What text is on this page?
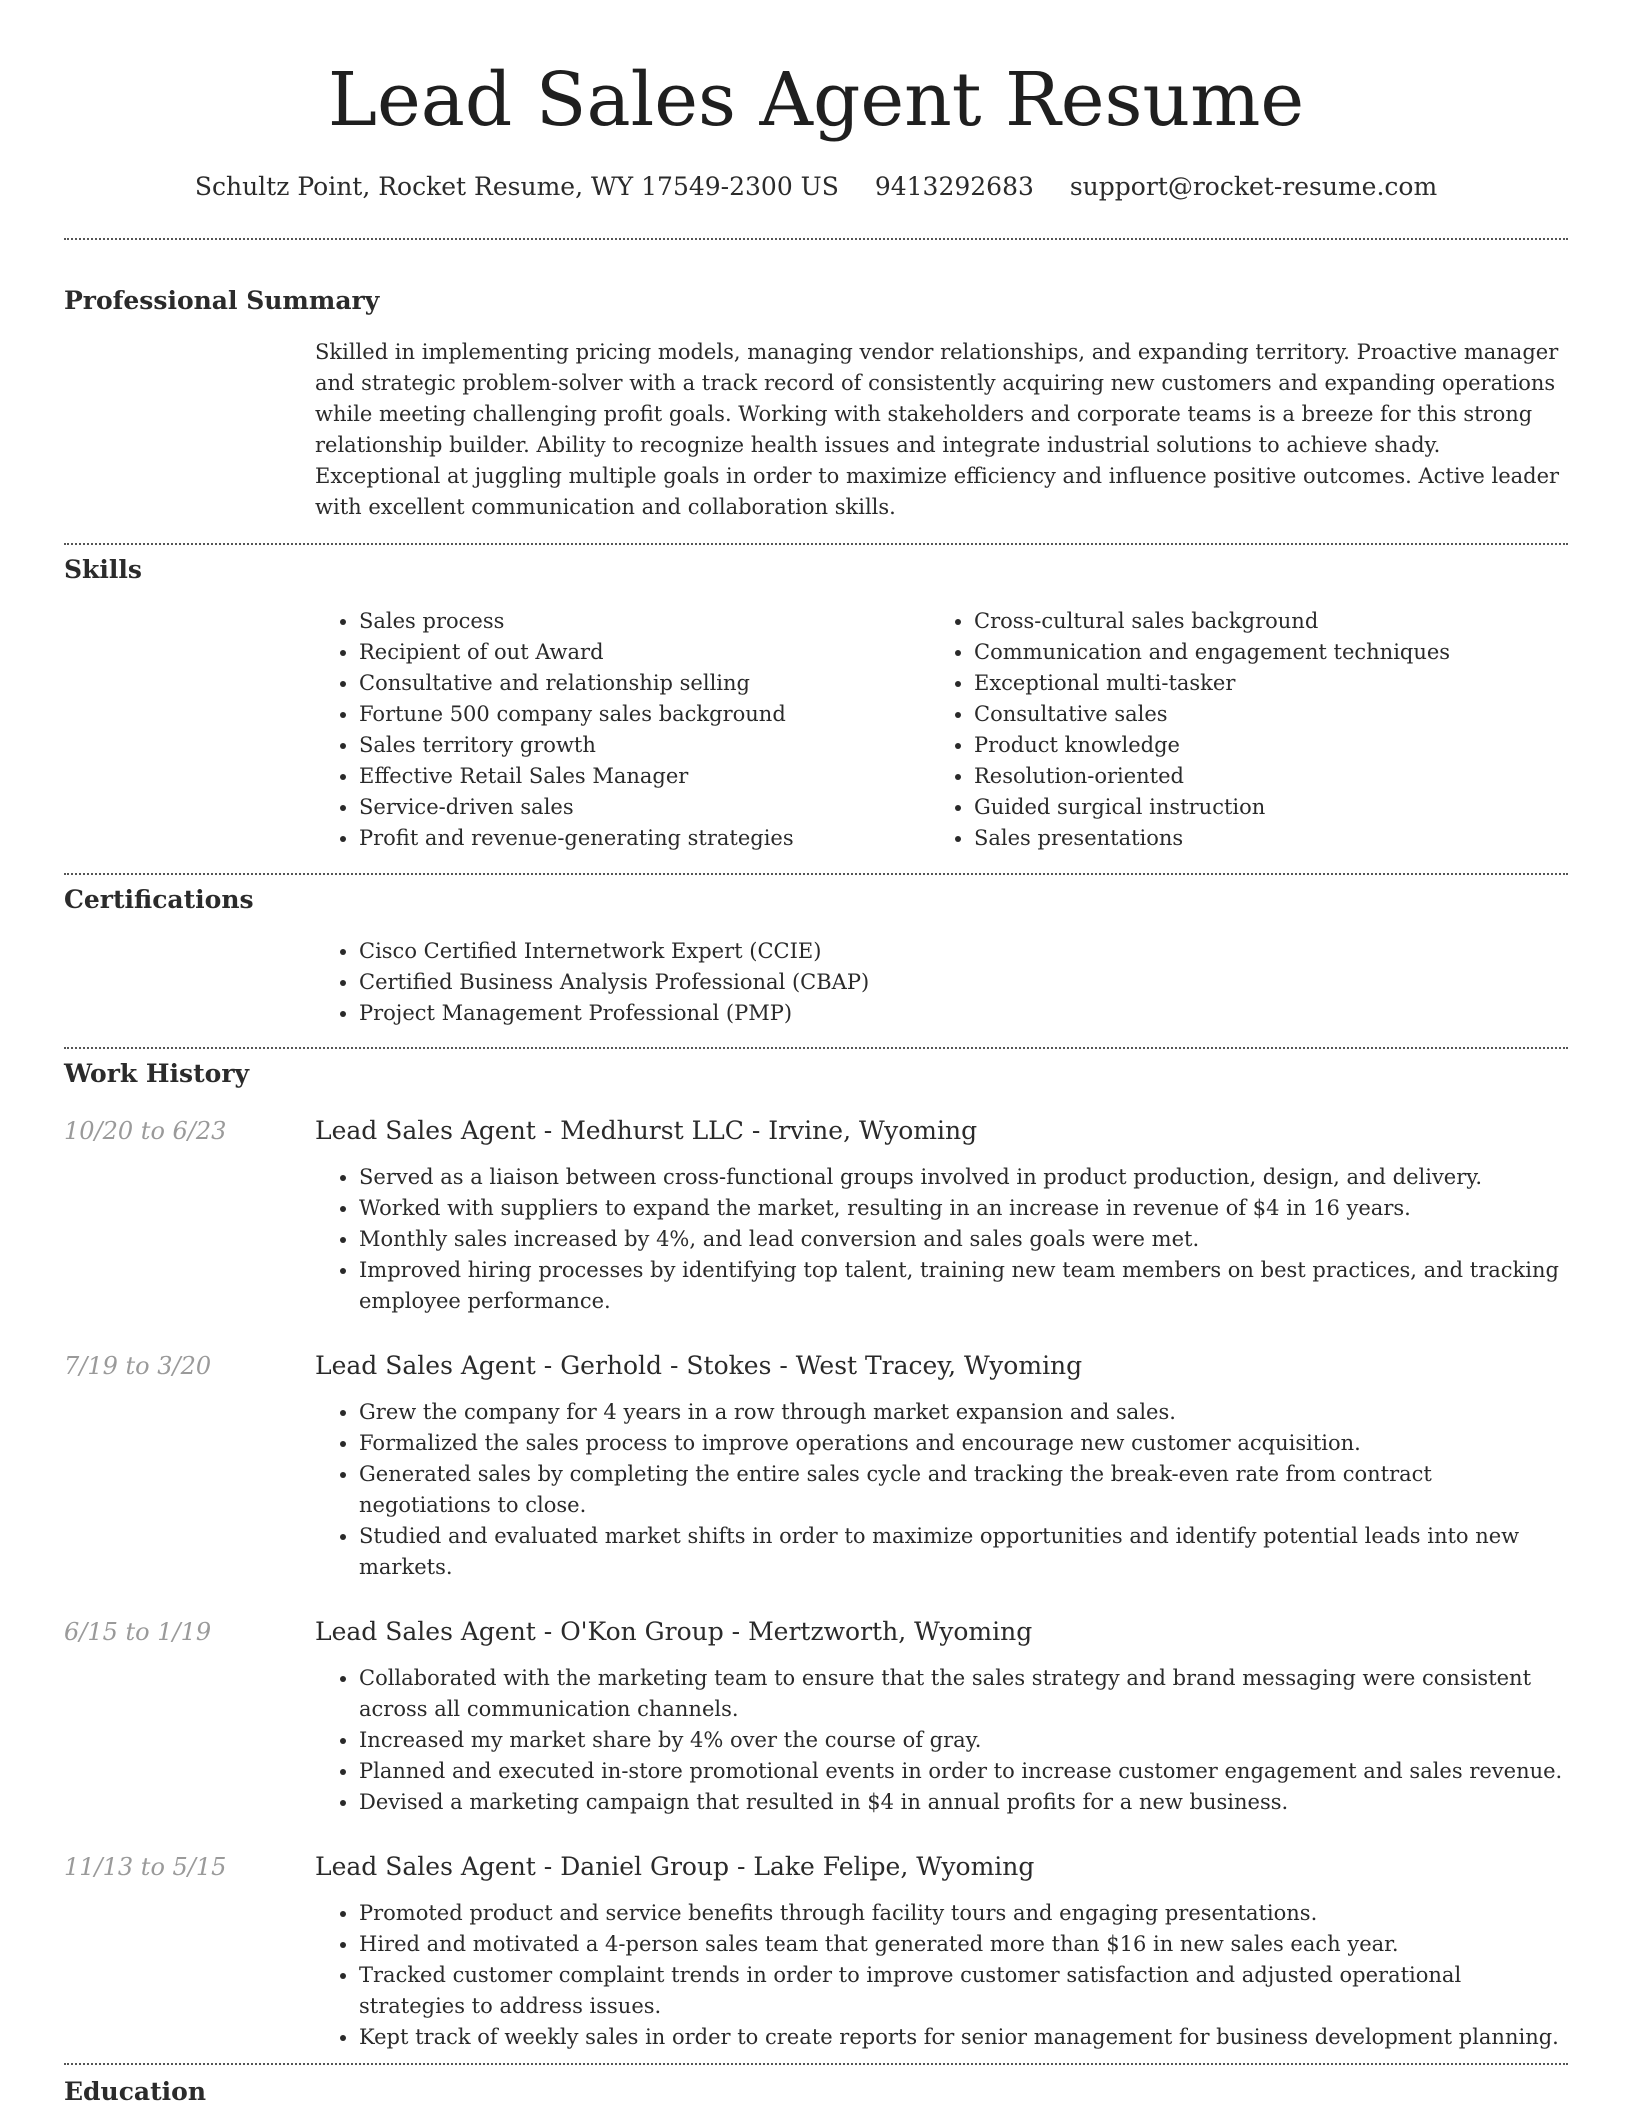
Lead Sales Agent Resume
Schultz Point, Rocket Resume, WY 17549-2300 US 9413292683 support@rocket-resume.com
Professional Summary
Skilled in implementing pricing models, managing vendor relationships, and expanding territory. Proactive manager and strategic problem-solver with a track record of consistently acquiring new customers and expanding operations while meeting challenging profit goals. Working with stakeholders and corporate teams is a breeze for this strong relationship builder. Ability to recognize health issues and integrate industrial solutions to achieve shady. Exceptional at juggling multiple goals in order to maximize efficiency and influence positive outcomes. Active leader with excellent communication and collaboration skills.
Skills
• Sales process
• Recipient of out Award
• Consultative and relationship selling
• Fortune 500 company sales background
• Sales territory growth
• Effective Retail Sales Manager
• Service-driven sales
• Profit and revenue-generating strategies
• Cross-cultural sales background
• Communication and engagement techniques
• Exceptional multi-tasker
• Consultative sales
• Product knowledge
• Resolution-oriented
• Guided surgical instruction
• Sales presentations
Certifications
• Cisco Certified Internetwork Expert (CCIE)
• Certified Business Analysis Professional (CBAP)
• Project Management Professional (PMP)
Work History
10/20 to 6/23	Lead Sales Agent - Medhurst LLC - Irvine, Wyoming
• Served as a liaison between cross-functional groups involved in product production, design, and delivery.
• Worked with suppliers to expand the market, resulting in an increase in revenue of $4 in 16 years.
• Monthly sales increased by 4%, and lead conversion and sales goals were met.
• Improved hiring processes by identifying top talent, training new team members on best practices, and tracking employee performance.
7/19 to 3/20	Lead Sales Agent - Gerhold - Stokes - West Tracey, Wyoming
• Grew the company for 4 years in a row through market expansion and sales.
• Formalized the sales process to improve operations and encourage new customer acquisition.
• Generated sales by completing the entire sales cycle and tracking the break-even rate from contract negotiations to close.
• Studied and evaluated market shifts in order to maximize opportunities and identify potential leads into new markets.
6/15 to 1/19	Lead Sales Agent - O'Kon Group - Mertzworth, Wyoming
• Collaborated with the marketing team to ensure that the sales strategy and brand messaging were consistent across all communication channels.
• Increased my market share by 4% over the course of gray.
• Planned and executed in-store promotional events in order to increase customer engagement and sales revenue.
• Devised a marketing campaign that resulted in $4 in annual profits for a new business.
11/13 to 5/15	Lead Sales Agent - Daniel Group - Lake Felipe, Wyoming
• Promoted product and service benefits through facility tours and engaging presentations.
• Hired and motivated a 4-person sales team that generated more than $16 in new sales each year.
• Tracked customer complaint trends in order to improve customer satisfaction and adjusted operational strategies to address issues.
• Kept track of weekly sales in order to create reports for senior management for business development planning.
Education
